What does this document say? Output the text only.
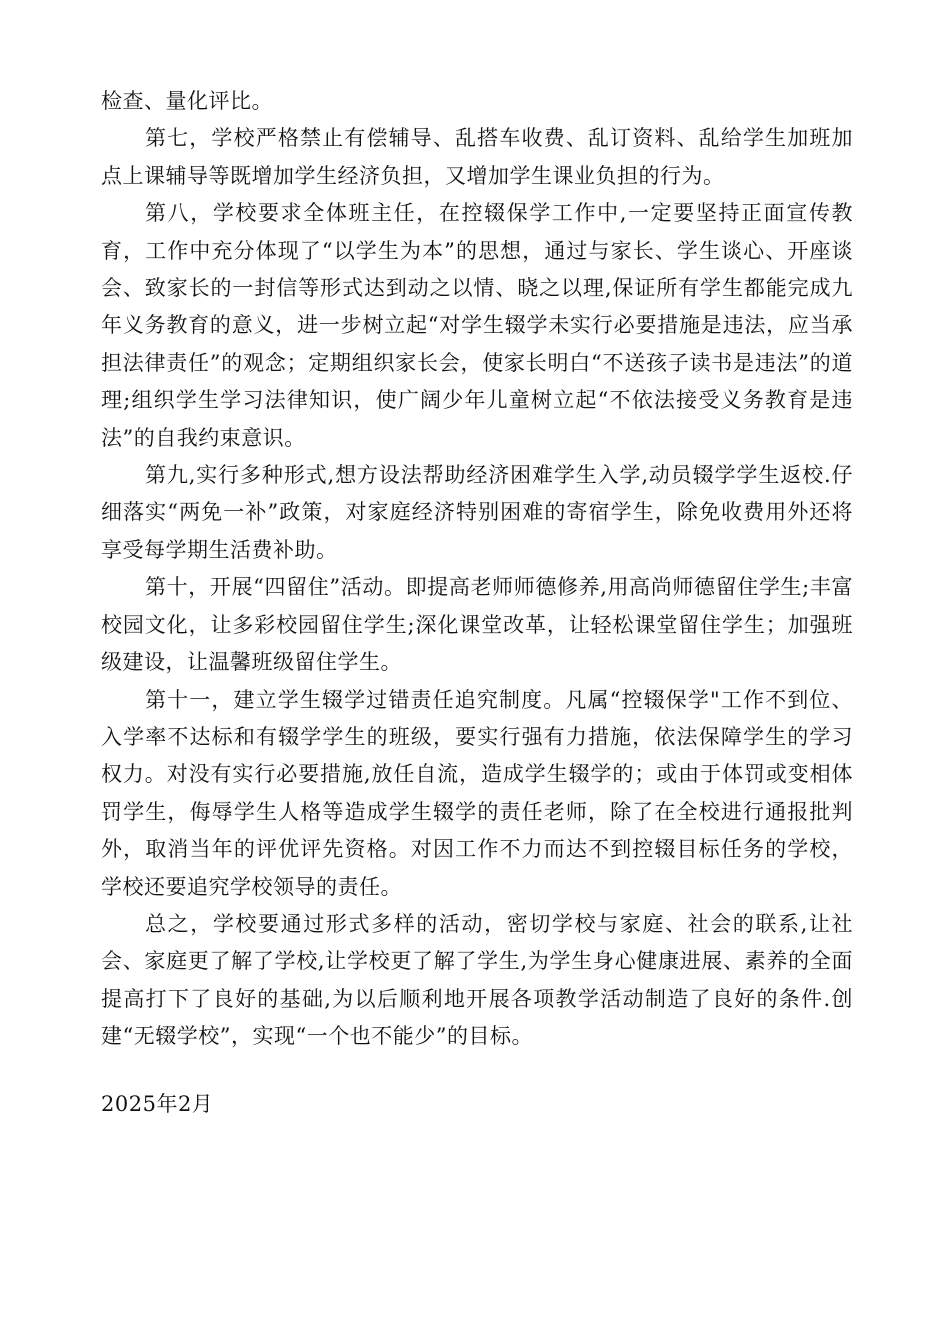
检查、量化评比。

第七，学校严格禁止有偿辅导、乱搭车收费、乱订资料、乱给学生加班加点上课辅导等既增加学生经济负担，又增加学生课业负担的行为。

第八，学校要求全体班主任，在控辍保学工作中,一定要坚持正面宣传教育，工作中充分体现了“以学生为本”的思想，通过与家长、学生谈心、开座谈会、致家长的一封信等形式达到动之以情、晓之以理,保证所有学生都能完成九年义务教育的意义，进一步树立起“对学生辍学未实行必要措施是违法，应当承担法律责任”的观念；定期组织家长会，使家长明白“不送孩子读书是违法”的道理;组织学生学习法律知识，使广阔少年儿童树立起“不依法接受义务教育是违法”的自我约束意识。

第九,实行多种形式,想方设法帮助经济困难学生入学,动员辍学学生返校.仔细落实“两免一补”政策，对家庭经济特别困难的寄宿学生，除免收费用外还将享受每学期生活费补助。

第十，开展“四留住”活动。即提高老师师德修养,用高尚师德留住学生;丰富校园文化，让多彩校园留住学生;深化课堂改革，让轻松课堂留住学生；加强班级建设，让温馨班级留住学生。

第十一，建立学生辍学过错责任追究制度。凡属“控辍保学"工作不到位、入学率不达标和有辍学学生的班级，要实行强有力措施，依法保障学生的学习权力。对没有实行必要措施,放任自流，造成学生辍学的；或由于体罚或变相体罚学生，侮辱学生人格等造成学生辍学的责任老师，除了在全校进行通报批判外，取消当年的评优评先资格。对因工作不力而达不到控辍目标任务的学校，学校还要追究学校领导的责任。

总之，学校要通过形式多样的活动，密切学校与家庭、社会的联系,让社会、家庭更了解了学校,让学校更了解了学生,为学生身心健康进展、素养的全面提高打下了良好的基础,为以后顺利地开展各项教学活动制造了良好的条件.创建“无辍学校”，实现“一个也不能少”的目标。

2025年2月
